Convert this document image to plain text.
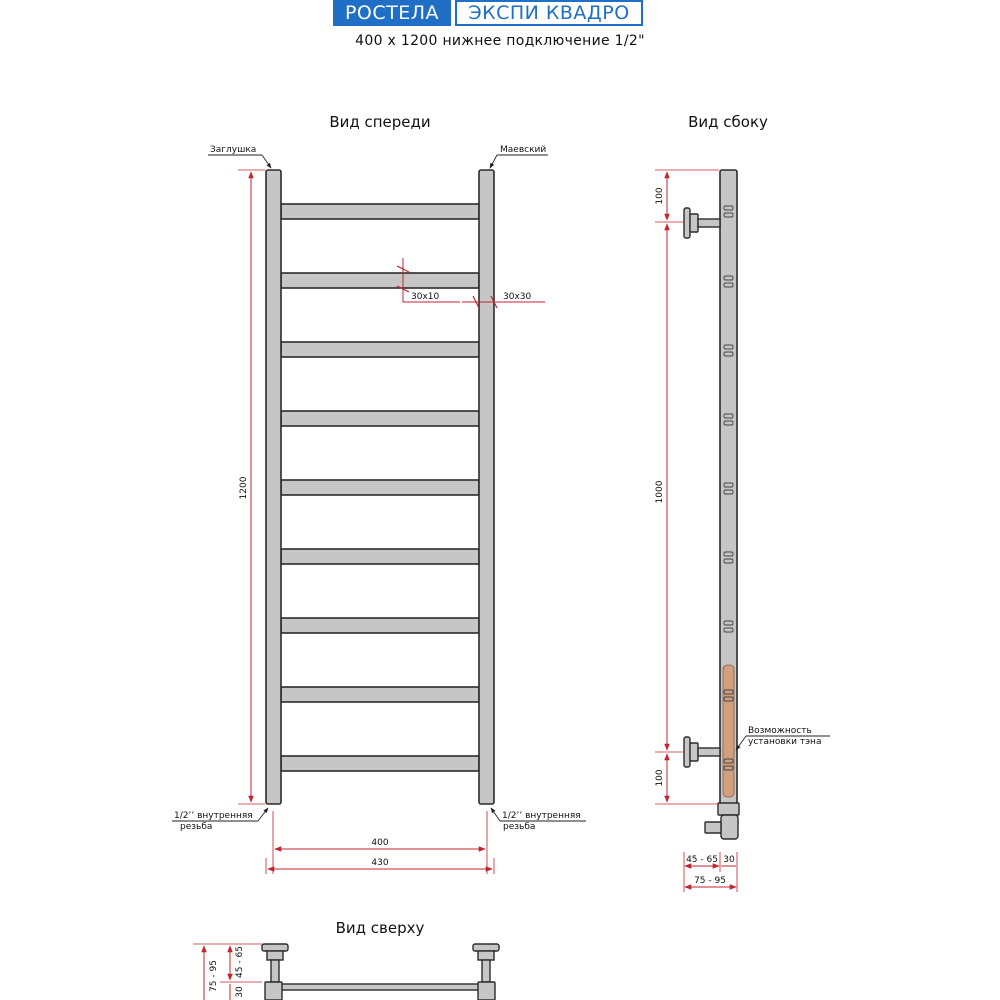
РОСТЕЛА	ЭКСПИ КВАДРО
400 x 1200 нижнее подключение 1/2"
Вид спереди
Заглушка	Маевский
1200
30x10	30x30
1/2’’ внутренняя
резьба
1/2’’ внутренняя
резьба
400
430
Вид сбоку
100
1000
100
Возможность
установки тэна
45 - 65 30
75 - 95
Вид сверху
75 - 95 45 - 65
30
